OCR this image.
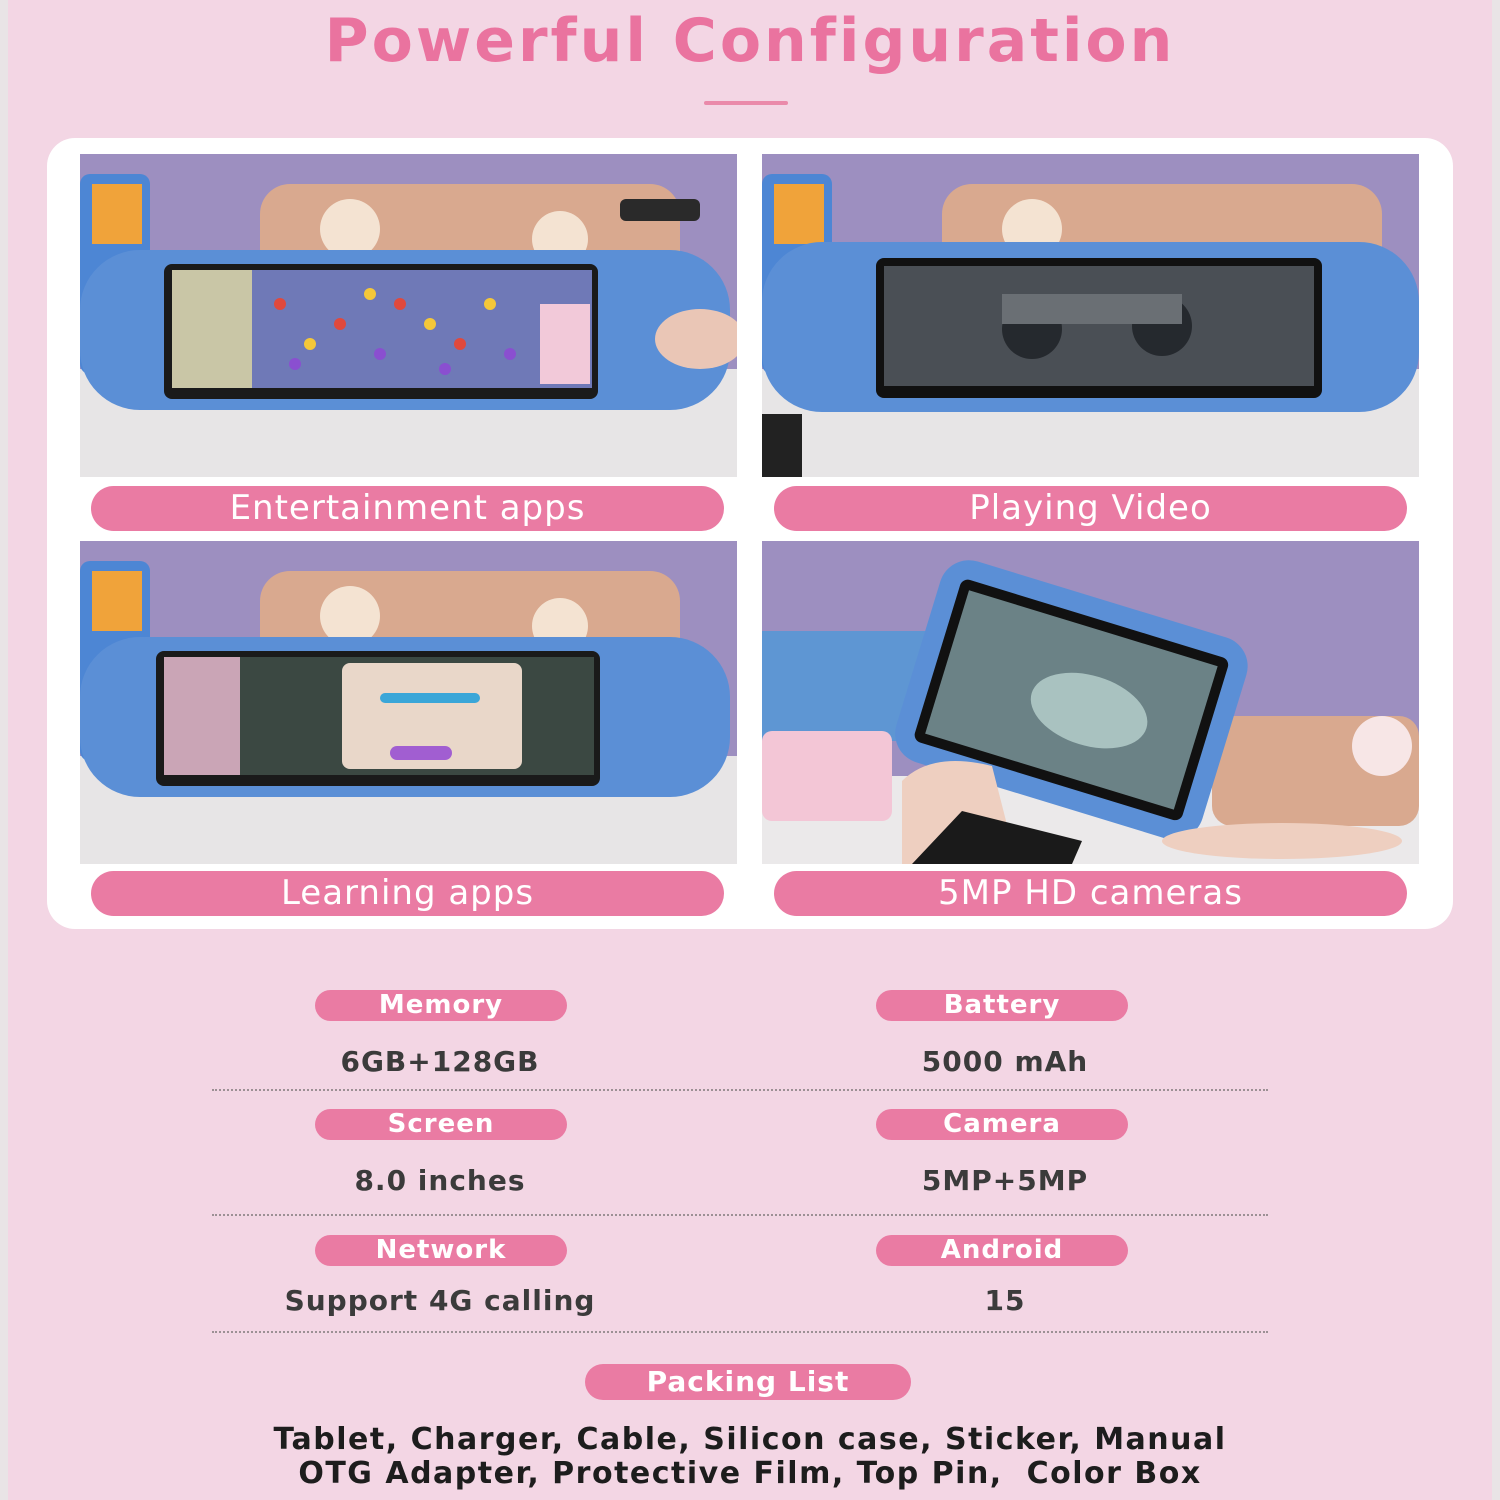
Powerful Configuration
Entertainment apps	Playing Video
Learning apps	5MP HD cameras
Memory	Battery
6GB+128GB	5000 mAh
Screen	Camera
8.0 inches	5MP+5MP
Network	Android
Support 4G calling	15
Packing List
Tablet, Charger, Cable, Silicon case, Sticker, Manual
OTG Adapter, Protective Film, Top Pin,  Color Box
